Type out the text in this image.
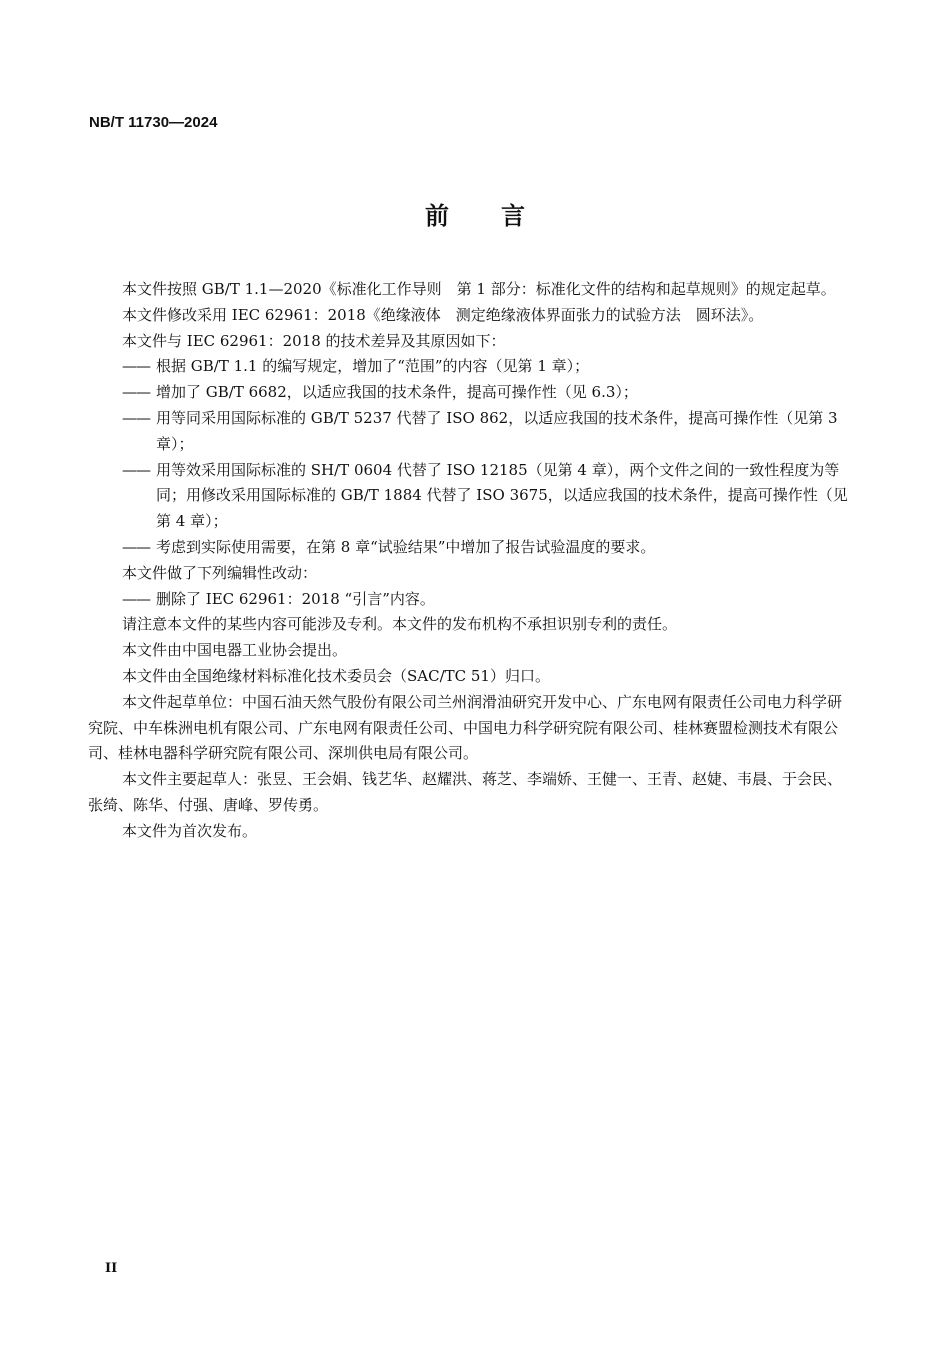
NB/T 11730—2024
前 言

本文件按照 GB/T 1.1—2020《标准化工作导则　第 1 部分：标准化文件的结构和起草规则》的规定起草。

本文件修改采用 IEC 62961：2018《绝缘液体　测定绝缘液体界面张力的试验方法　圆环法》。

本文件与 IEC 62961：2018 的技术差异及其原因如下：

—— 根据 GB/T 1.1 的编写规定，增加了“范围”的内容（见第 1 章）；

—— 增加了 GB/T 6682，以适应我国的技术条件，提高可操作性（见 6.3）；

—— 用等同采用国际标准的 GB/T 5237 代替了 ISO 862，以适应我国的技术条件，提高可操作性（见第 3 章）；

—— 用等效采用国际标准的 SH/T 0604 代替了 ISO 12185（见第 4 章），两个文件之间的一致性程度为等同；用修改采用国际标准的 GB/T 1884 代替了 ISO 3675，以适应我国的技术条件，提高可操作性（见第 4 章）；

—— 考虑到实际使用需要，在第 8 章“试验结果”中增加了报告试验温度的要求。

本文件做了下列编辑性改动：

—— 删除了 IEC 62961：2018 “引言”内容。

请注意本文件的某些内容可能涉及专利。本文件的发布机构不承担识别专利的责任。

本文件由中国电器工业协会提出。

本文件由全国绝缘材料标准化技术委员会（SAC/TC 51）归口。

本文件起草单位：中国石油天然气股份有限公司兰州润滑油研究开发中心、广东电网有限责任公司电力科学研究院、中车株洲电机有限公司、广东电网有限责任公司、中国电力科学研究院有限公司、桂林赛盟检测技术有限公司、桂林电器科学研究院有限公司、深圳供电局有限公司。

本文件主要起草人：张昱、王会娟、钱艺华、赵耀洪、蒋芝、李端娇、王健一、王青、赵婕、韦晨、于会民、张绮、陈华、付强、唐峰、罗传勇。

本文件为首次发布。

II
